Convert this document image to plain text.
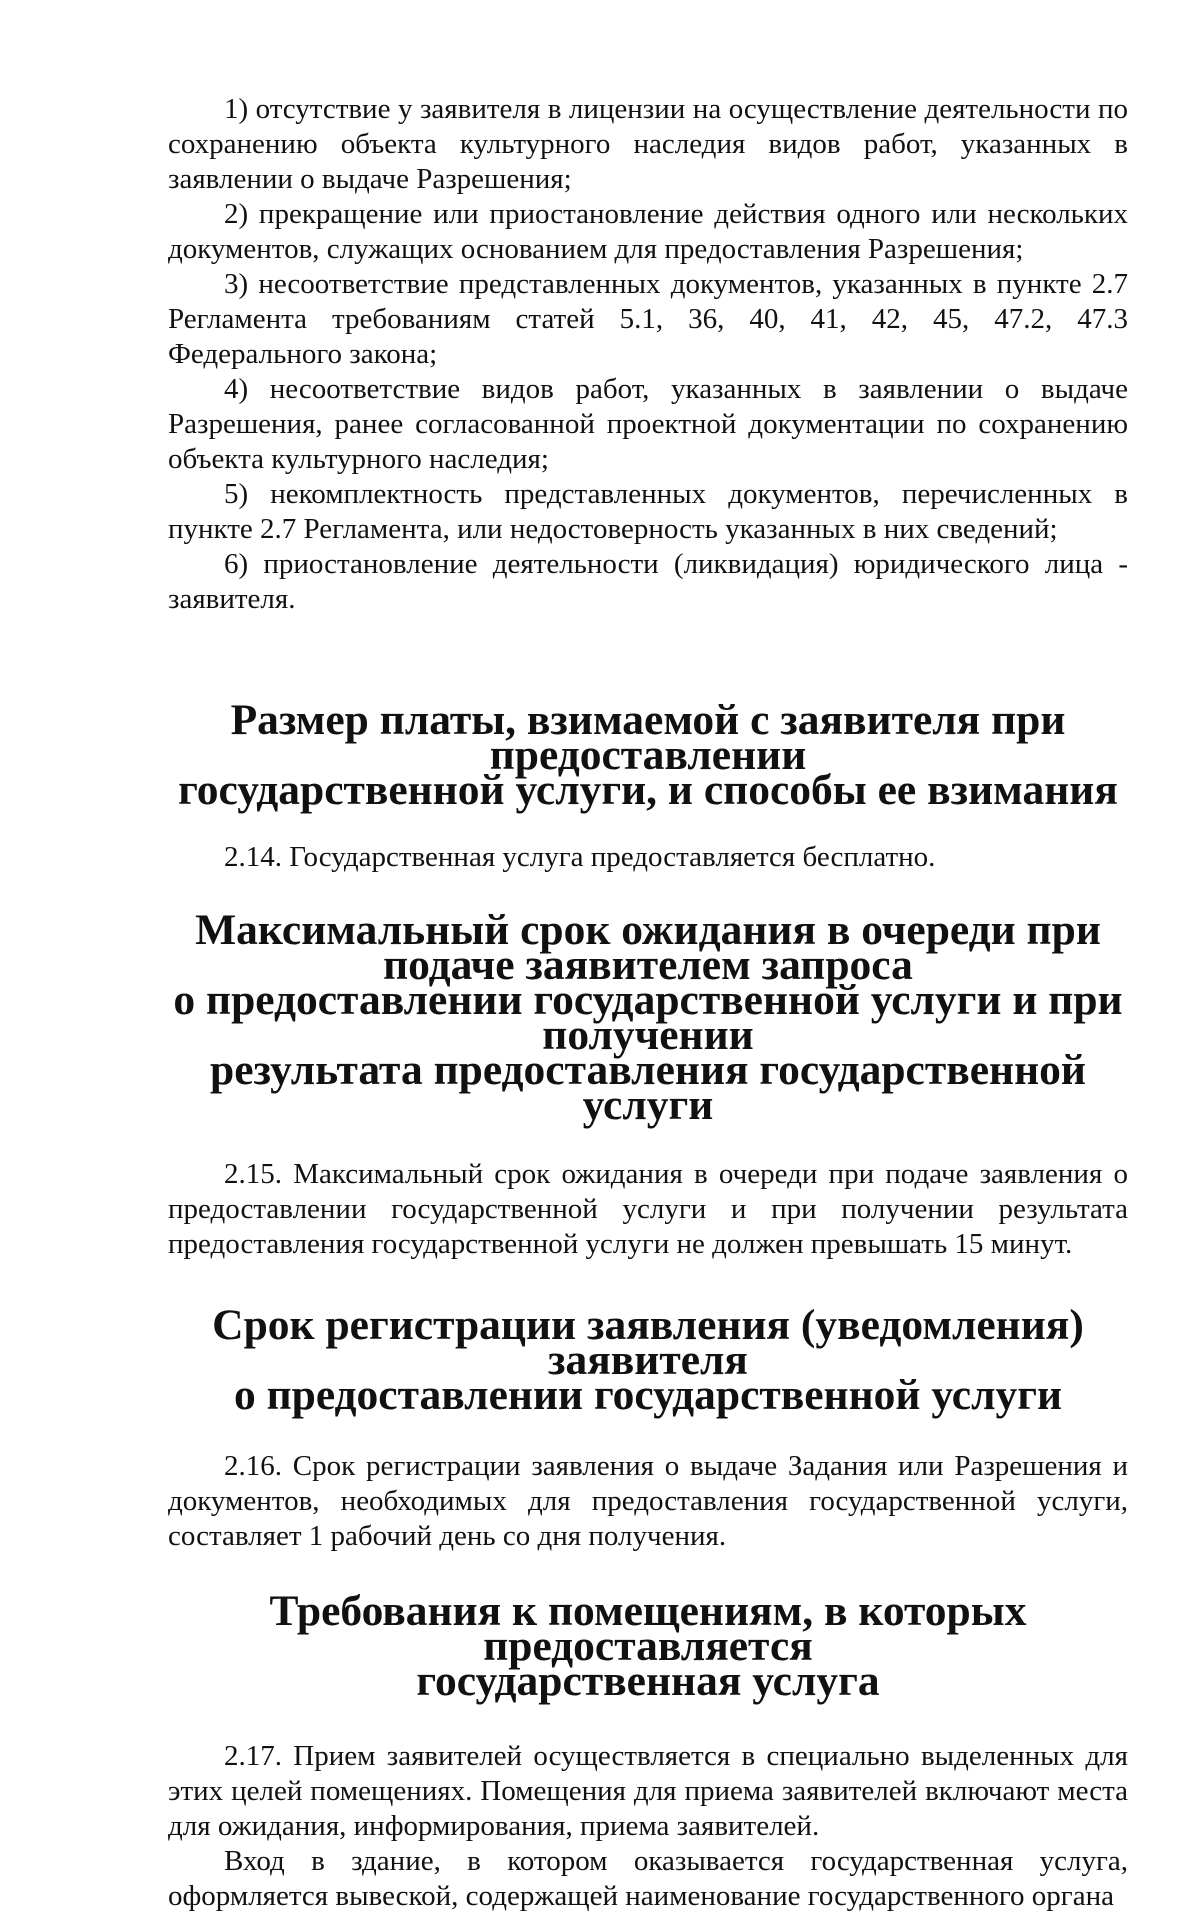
1) отсутствие у заявителя в лицензии на осуществление деятельности по сохранению объекта культурного наследия видов работ, указанных в заявлении о выдаче Разрешения;

2) прекращение или приостановление действия одного или нескольких документов, служащих основанием для предоставления Разрешения;

3) несоответствие представленных документов, указанных в пункте 2.7 Регламента требованиям статей 5.1, 36, 40, 41, 42, 45, 47.2, 47.3 Федерального закона;

4) несоответствие видов работ, указанных в заявлении о выдаче Разрешения, ранее согласованной проектной документации по сохранению объекта культурного наследия;

5) некомплектность представленных документов, перечисленных в пункте 2.7 Регламента, или недостоверность указанных в них сведений;

6) приостановление деятельности (ликвидация) юридического лица - заявителя.

Размер платы, взимаемой с заявителя при предоставлении
государственной услуги, и способы ее взимания

2.14. Государственная услуга предоставляется бесплатно.

Максимальный срок ожидания в очереди при подаче заявителем запроса
о предоставлении государственной услуги и при получении
результата предоставления государственной услуги

2.15. Максимальный срок ожидания в очереди при подаче заявления о предоставлении государственной услуги и при получении результата предоставления государственной услуги не должен превышать 15 минут.

Срок регистрации заявления (уведомления) заявителя
о предоставлении государственной услуги

2.16. Срок регистрации заявления о выдаче Задания или Разрешения и документов, необходимых для предоставления государственной услуги, составляет 1 рабочий день со дня получения.

Требования к помещениям, в которых предоставляется
государственная услуга

2.17. Прием заявителей осуществляется в специально выделенных для этих целей помещениях. Помещения для приема заявителей включают места для ожидания, информирования, приема заявителей.

Вход в здание, в котором оказывается государственная услуга, оформляется вывеской, содержащей наименование государственного органа
